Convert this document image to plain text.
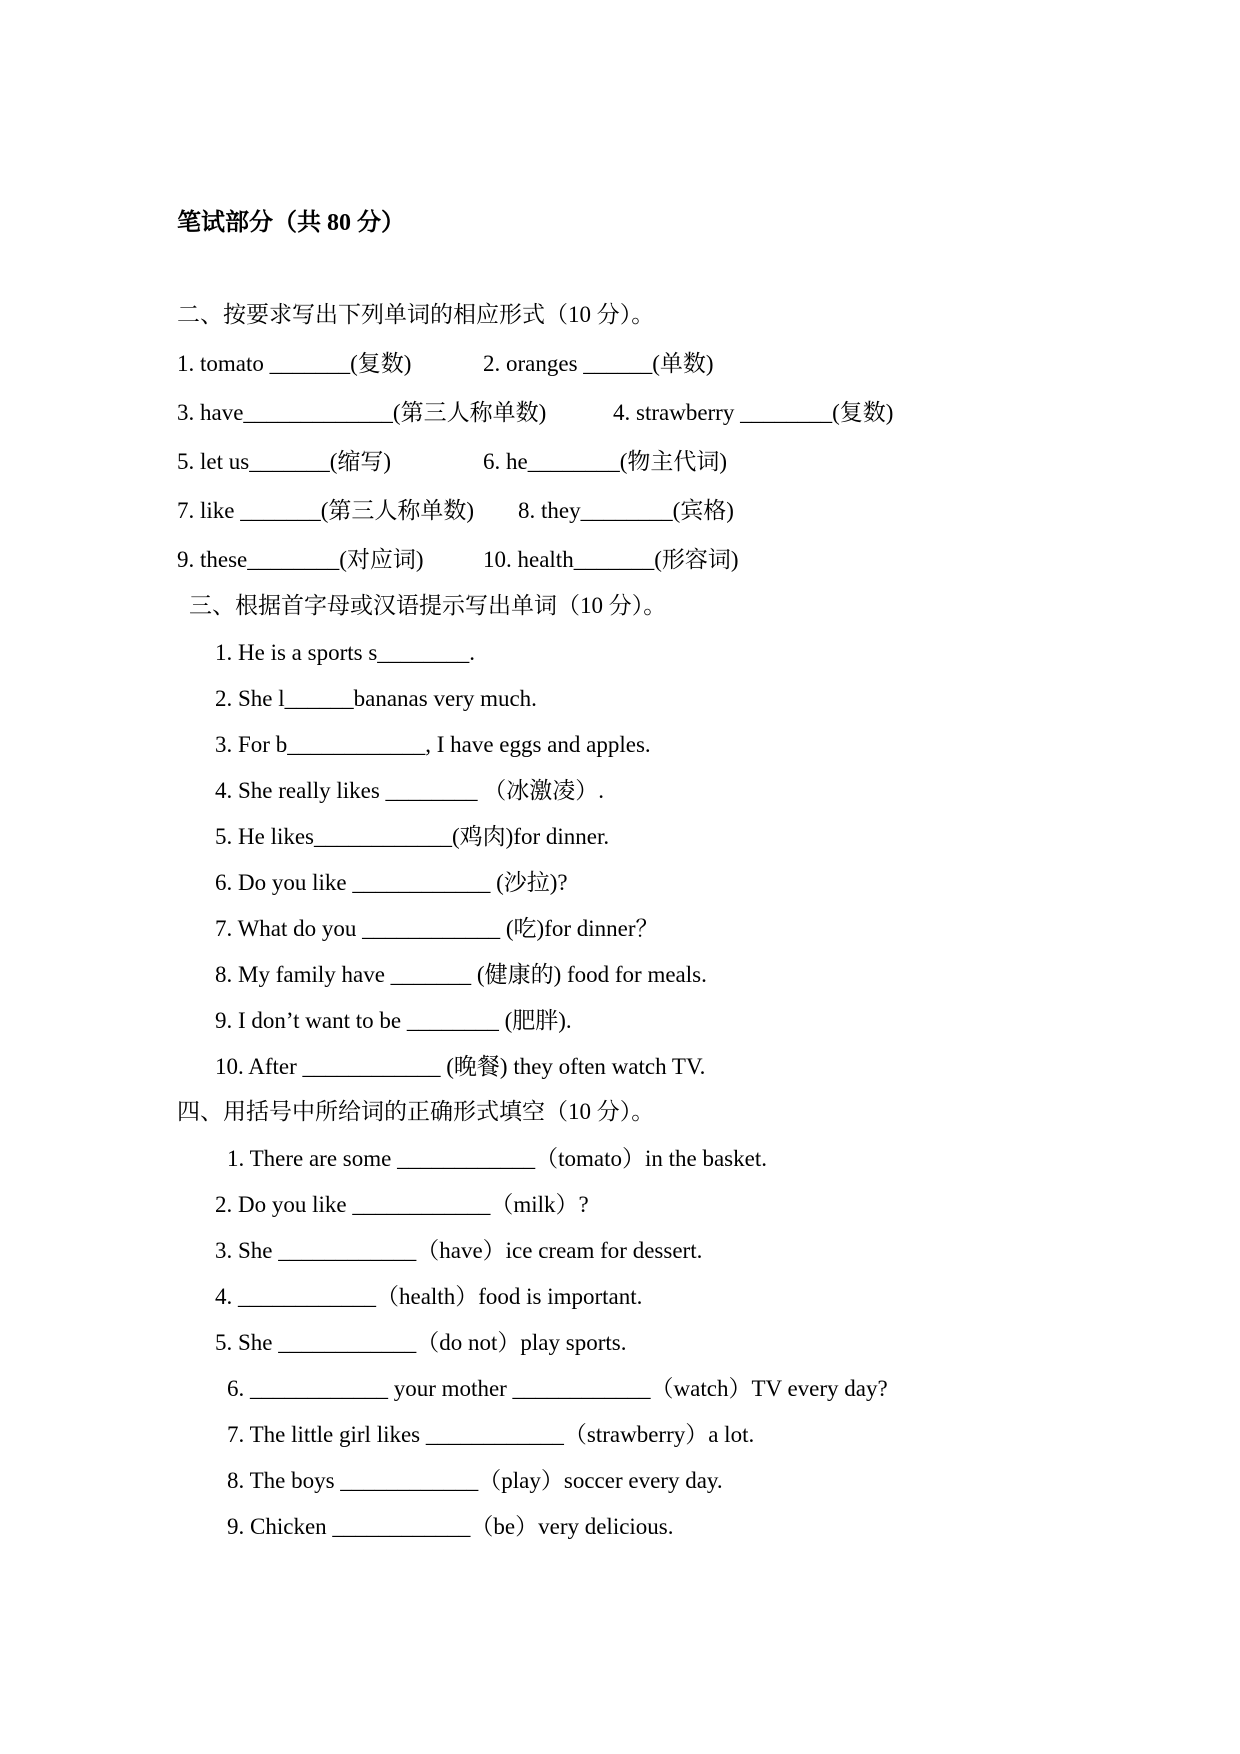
笔试部分（共 80 分）
二、按要求写出下列单词的相应形式（10 分）。
1. tomato _______(复数)	2. oranges ______(单数)
3. have_____________(第三人称单数)	4. strawberry ________(复数)
5. let us_______(缩写)	6. he________(物主代词)
7. like _______(第三人称单数) 8. they________(宾格)
9. these________(对应词)	10. health_______(形容词)
三、根据首字母或汉语提示写出单词（10 分）。
1. He is a sports s________.
2. She l______bananas very much.
3. For b____________, I have eggs and apples.
4. She really likes ________ （冰激凌）.
5. He likes____________(鸡肉)for dinner.
6. Do you like ____________ (沙拉)?
7. What do you ____________ (吃)for dinner？
8. My family have _______ (健康的) food for meals.
9. I don’t want to be ________ (肥胖).
10. After ____________ (晚餐) they often watch TV.
四、用括号中所给词的正确形式填空（10 分）。
1. There are some ____________（tomato）in the basket.
2. Do you like ____________（milk）?
3. She ____________（have）ice cream for dessert.
4. ____________（health）food is important.
5. She ____________（do not）play sports.
6. ____________ your mother ____________（watch）TV every day?
7. The little girl likes ____________（strawberry）a lot.
8. The boys ____________（play）soccer every day.
9. Chicken ____________（be）very delicious.
